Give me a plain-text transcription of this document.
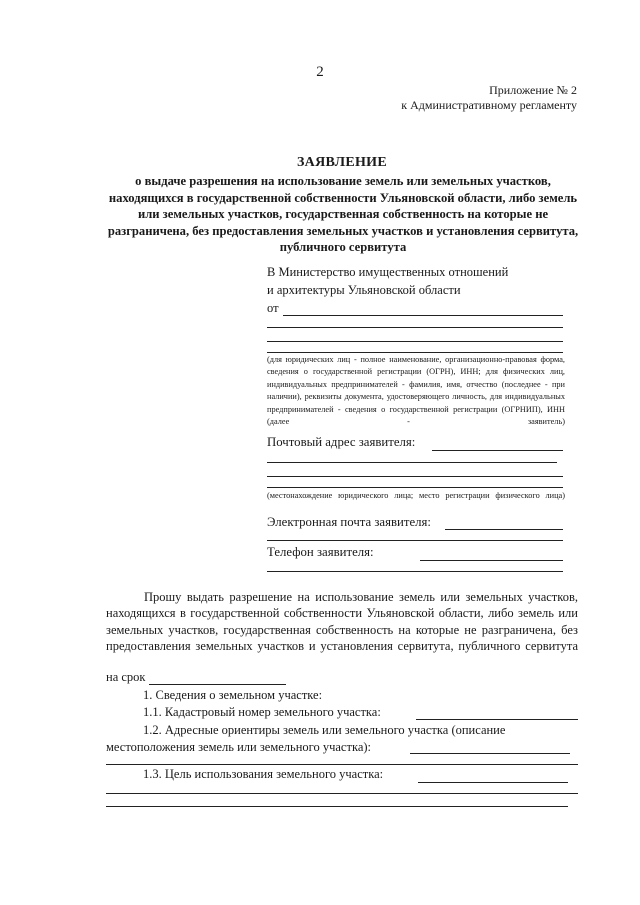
2
Приложение № 2
к Административному регламенту
ЗАЯВЛЕНИЕ
о выдаче разрешения на использование земель или земельных участков, находящихся в государственной собственности Ульяновской области, либо земель или земельных участков, государственная собственность на которые не разграничена, без предоставления земельных участков и установления сервитута, публичного сервитута
В Министерство имущественных отношений
и архитектуры Ульяновской области
от
(для юридических лиц - полное наименование, организационно-правовая форма, сведения о государственной регистрации (ОГРН), ИНН; для физических лиц, индивидуальных предпринимателей - фамилия, имя, отчество (последнее - при наличии), реквизиты документа, удостоверяющего личность, для индивидуальных предпринимателей - сведения о государственной регистрации (ОГРНИП), ИНН (далее - заявитель)
Почтовый адрес заявителя:
(местонахождение юридического лица; место регистрации физического лица)
Электронная почта заявителя:
Телефон заявителя:
Прошу выдать разрешение на использование земель или земельных участков, находящихся в государственной собственности Ульяновской области, либо земель или земельных участков, государственная собственность на которые не разграничена, без предоставления земельных участков и установления сервитута, публичного сервитута
на срок
1. Сведения о земельном участке:
1.1. Кадастровый номер земельного участка:
1.2. Адресные ориентиры земель или земельного участка (описание
местоположения земель или земельного участка):
1.3. Цель использования земельного участка:
